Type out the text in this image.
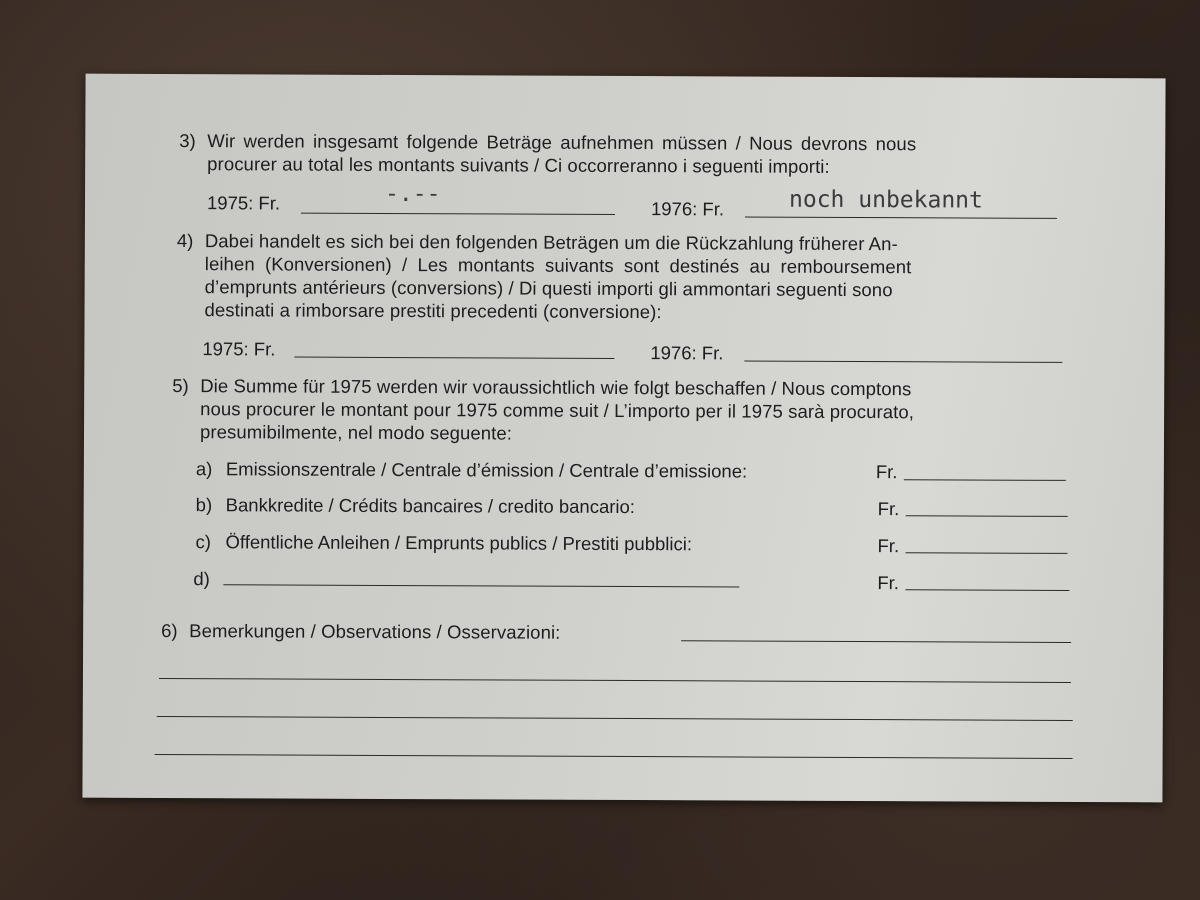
3) Wir werden insgesamt folgende Beträge aufnehmen müssen / Nous devrons nous
procurer au total les montants suivants / Ci occorreranno i seguenti importi:
1975: Fr.	-.--
1976: Fr.	noch unbekannt
4) Dabei handelt es sich bei den folgenden Beträgen um die Rückzahlung früherer An-
leihen (Konversionen) / Les montants suivants sont destinés au remboursement
d’emprunts antérieurs (conversions) / Di questi importi gli ammontari seguenti sono
destinati a rimborsare prestiti precedenti (conversione):
1975: Fr.	1976: Fr.
5) Die Summe für 1975 werden wir voraussichtlich wie folgt beschaffen / Nous comptons
nous procurer le montant pour 1975 comme suit / L’importo per il 1975 sarà procurato,
presumibilmente, nel modo seguente:
a) Emissionszentrale / Centrale d’émission / Centrale d’emissione:	Fr.
b) Bankkredite / Crédits bancaires / credito bancario:	Fr.
c) Öffentliche Anleihen / Emprunts publics / Prestiti pubblici:	Fr.
d)	Fr.
6) Bemerkungen / Observations / Osservazioni:
